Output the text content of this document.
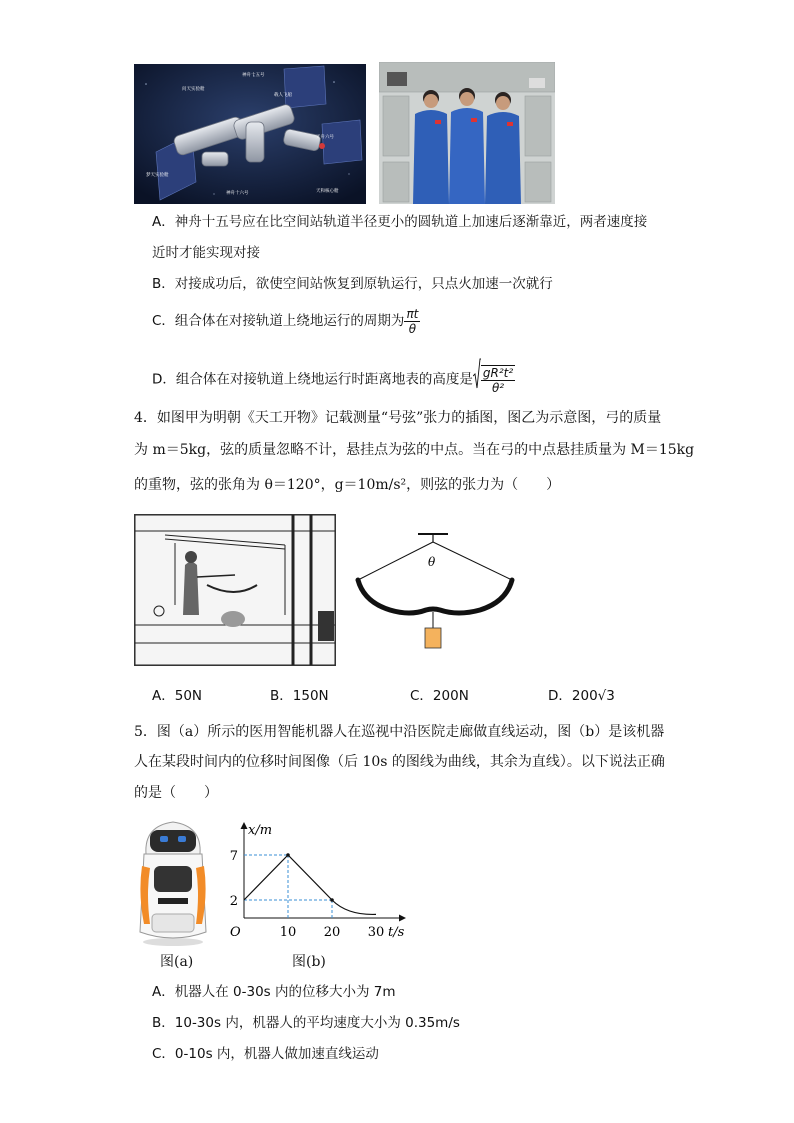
问天实验舱
神舟十五号
梦天实验舱
天舟六号
天和核心舱
神舟十六号
载人飞船
A．神舟十五号应在比空间站轨道半径更小的圆轨道上加速后逐渐靠近，两者速度接
近时才能实现对接
B．对接成功后，欲使空间站恢复到原轨运行，只点火加速一次就行
C．组合体在对接轨道上绕地运行的周期为 $\frac{\pi t}{\theta}$
D．组合体在对接轨道上绕地运行时距离地表的高度是 $\frac{\text{gR²t²}}{\text{θ²}}$
4．如图甲为明朝《天工开物》记载测量“号弦”张力的插图，图乙为示意图，弓的质量
为 m＝5kg，弦的质量忽略不计，悬挂点为弦的中点。当在弓的中点悬挂质量为 M＝15kg
的重物，弦的张角为 θ＝120°，g＝10m/s²，则弦的张力为（　　）
θ
A．50N	B．150N	C．200N	D．200√3
5．图（a）所示的医用智能机器人在巡视中沿医院走廊做直线运动，图（b）是该机器
人在某段时间内的位移时间图像（后 10s 的图线为曲线，其余为直线）。以下说法正确
的是（　　）
10 20 30
2
7
O	t/s
x/m
图(a)	图(b)
A．机器人在 0-30s 内的位移大小为 7m
B．10-30s 内，机器人的平均速度大小为 0.35m/s
C．0-10s 内，机器人做加速直线运动
